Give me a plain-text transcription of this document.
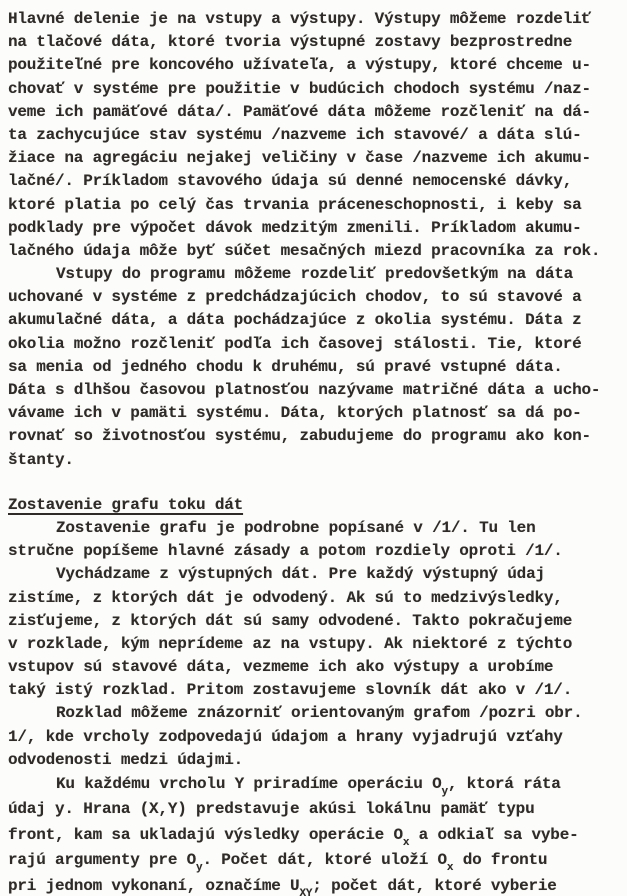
Hlavné delenie je na vstupy a výstupy. Výstupy môžeme rozdeliť
na tlačové dáta, ktoré tvoria výstupné zostavy bezprostredne
použiteľné pre koncového užívateľa, a výstupy, ktoré chceme u-
chovať v systéme pre použitie v budúcich chodoch systému /naz-
veme ich pamäťové dáta/. Pamäťové dáta môžeme rozčleniť na dá-
ta zachycujúce stav systému /nazveme ich stavové/ a dáta slú-
žiace na agregáciu nejakej veličiny v čase /nazveme ich akumu-
lačné/. Príkladom stavového údaja sú denné nemocenské dávky,
ktoré platia po celý čas trvania práceneschopnosti, i keby sa
podklady pre výpočet dávok medzitým zmenili. Príkladom akumu-
lačného údaja môže byť súčet mesačných miezd pracovníka za rok.
Vstupy do programu môžeme rozdeliť predovšetkým na dáta
uchované v systéme z predchádzajúcich chodov, to sú stavové a
akumulačné dáta, a dáta pochádzajúce z okolia systému. Dáta z
okolia možno rozčleniť podľa ich časovej stálosti. Tie, ktoré
sa menia od jedného chodu k druhému, sú pravé vstupné dáta.
Dáta s dlhšou časovou platnosťou nazývame matričné dáta a ucho-
vávame ich v pamäti systému. Dáta, ktorých platnosť sa dá po-
rovnať so životnosťou systému, zabudujeme do programu ako kon-
štanty.
Zostavenie grafu toku dát
Zostavenie grafu je podrobne popísané v /1/. Tu len
stručne popíšeme hlavné zásady a potom rozdiely oproti /1/.
Vychádzame z výstupných dát. Pre každý výstupný údaj
zistíme, z ktorých dát je odvodený. Ak sú to medzivýsledky,
zisťujeme, z ktorých dát sú samy odvodené. Takto pokračujeme
v rozklade, kým neprídeme az na vstupy. Ak niektoré z týchto
vstupov sú stavové dáta, vezmeme ich ako výstupy a urobíme
taký istý rozklad. Pritom zostavujeme slovník dát ako v /1/.
Rozklad môžeme znázorniť orientovaným grafom /pozri obr.
1/, kde vrcholy zodpovedajú údajom a hrany vyjadrujú vzťahy
odvodenosti medzi údajmi.
Ku každému vrcholu Y priradíme operáciu $O_y$, ktorá ráta
údaj y. Hrana (X,Y) predstavuje akúsi lokálnu pamäť typu
front, kam sa ukladajú výsledky operácie $O_x$ a odkiaľ sa vybe-
rajú argumenty pre $O_y$. Počet dát, ktoré uloží $O_x$ do frontu
pri jednom vykonaní, označíme $U_{XY}$; počet dát, ktoré vyberie
